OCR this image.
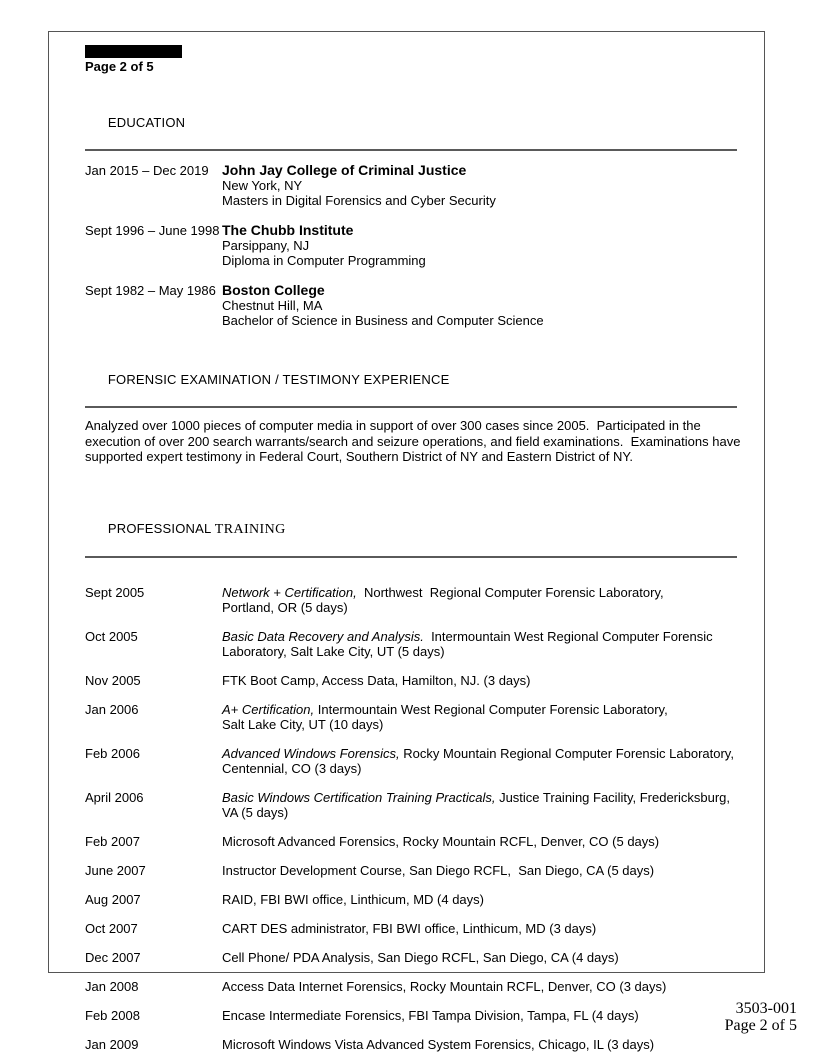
Page 2 of 5

EDUCATION

Jan 2015 – Dec 2019 John Jay College of Criminal Justice
New York, NY
Masters in Digital Forensics and Cyber Security
Sept 1996 – June 1998 The Chubb Institute
Parsippany, NJ
Diploma in Computer Programming
Sept 1982 – May 1986 Boston College
Chestnut Hill, MA
Bachelor of Science in Business and Computer Science

FORENSIC EXAMINATION / TESTIMONY EXPERIENCE

Analyzed over 1000 pieces of computer media in support of over 300 cases since 2005.  Participated in the
execution of over 200 search warrants/search and seizure operations, and field examinations.  Examinations have
supported expert testimony in Federal Court, Southern District of NY and Eastern District of NY.

PROFESSIONAL TRAINING

Sept 2005	Network + Certification,  Northwest  Regional Computer Forensic Laboratory,
Portland, OR (5 days)
Oct 2005	Basic Data Recovery and Analysis.  Intermountain West Regional Computer Forensic
Laboratory, Salt Lake City, UT (5 days)
Nov 2005	FTK Boot Camp, Access Data, Hamilton, NJ. (3 days)
Jan 2006	A+ Certification, Intermountain West Regional Computer Forensic Laboratory,
Salt Lake City, UT (10 days)
Feb 2006	Advanced Windows Forensics, Rocky Mountain Regional Computer Forensic Laboratory,
Centennial, CO (3 days)
April 2006	Basic Windows Certification Training Practicals, Justice Training Facility, Fredericksburg,
VA (5 days)
Feb 2007	Microsoft Advanced Forensics, Rocky Mountain RCFL, Denver, CO (5 days)
June 2007	Instructor Development Course, San Diego RCFL,  San Diego, CA (5 days)
Aug 2007	RAID, FBI BWI office, Linthicum, MD (4 days)
Oct 2007	CART DES administrator, FBI BWI office, Linthicum, MD (3 days)
Dec 2007	Cell Phone/ PDA Analysis, San Diego RCFL, San Diego, CA (4 days)
Jan 2008	Access Data Internet Forensics, Rocky Mountain RCFL, Denver, CO (3 days)
Feb 2008	Encase Intermediate Forensics, FBI Tampa Division, Tampa, FL (4 days)
Jan 2009	Microsoft Windows Vista Advanced System Forensics, Chicago, IL (3 days)
3503-001
Page 2 of 5
